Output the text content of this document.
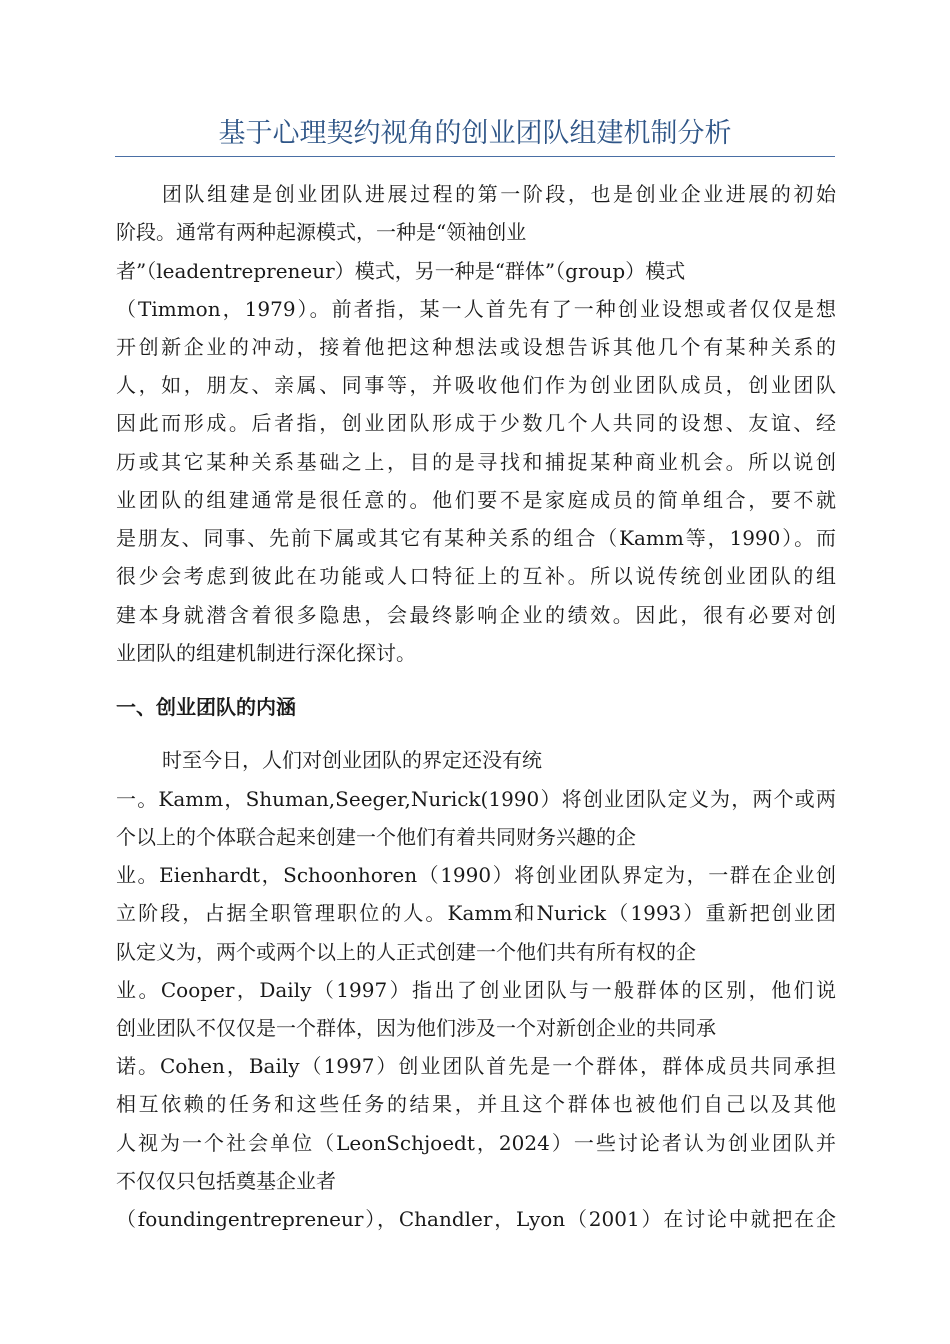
基于心理契约视角的创业团队组建机制分析
团队组建是创业团队进展过程的第一阶段，也是创业企业进展的初始
阶段。通常有两种起源模式，一种是“领袖创业
者”（leadentrepreneur）模式，另一种是“群体”（group）模式
（Timmon，1979）。前者指，某一人首先有了一种创业设想或者仅仅是想
开创新企业的冲动，接着他把这种想法或设想告诉其他几个有某种关系的
人，如，朋友、亲属、同事等，并吸收他们作为创业团队成员，创业团队
因此而形成。后者指，创业团队形成于少数几个人共同的设想、友谊、经
历或其它某种关系基础之上，目的是寻找和捕捉某种商业机会。所以说创
业团队的组建通常是很任意的。他们要不是家庭成员的简单组合，要不就
是朋友、同事、先前下属或其它有某种关系的组合（Kamm等，1990）。而
很少会考虑到彼此在功能或人口特征上的互补。所以说传统创业团队的组
建本身就潜含着很多隐患，会最终影响企业的绩效。因此，很有必要对创
业团队的组建机制进行深化探讨。
一、创业团队的内涵
时至今日，人们对创业团队的界定还没有统
一。Kamm，Shuman,Seeger,Nurick(1990）将创业团队定义为，两个或两
个以上的个体联合起来创建一个他们有着共同财务兴趣的企
业。Eienhardt，Schoonhoren（1990）将创业团队界定为，一群在企业创
立阶段，占据全职管理职位的人。Kamm和Nurick（1993）重新把创业团
队定义为，两个或两个以上的人正式创建一个他们共有所有权的企
业。Cooper，Daily（1997）指出了创业团队与一般群体的区别，他们说
创业团队不仅仅是一个群体，因为他们涉及一个对新创企业的共同承
诺。Cohen，Baily（1997）创业团队首先是一个群体，群体成员共同承担
相互依赖的任务和这些任务的结果，并且这个群体也被他们自己以及其他
人视为一个社会单位（LeonSchjoedt，2024）一些讨论者认为创业团队并
不仅仅只包括奠基企业者
（foundingentrepreneur），Chandler，Lyon（2001）在讨论中就把在企
